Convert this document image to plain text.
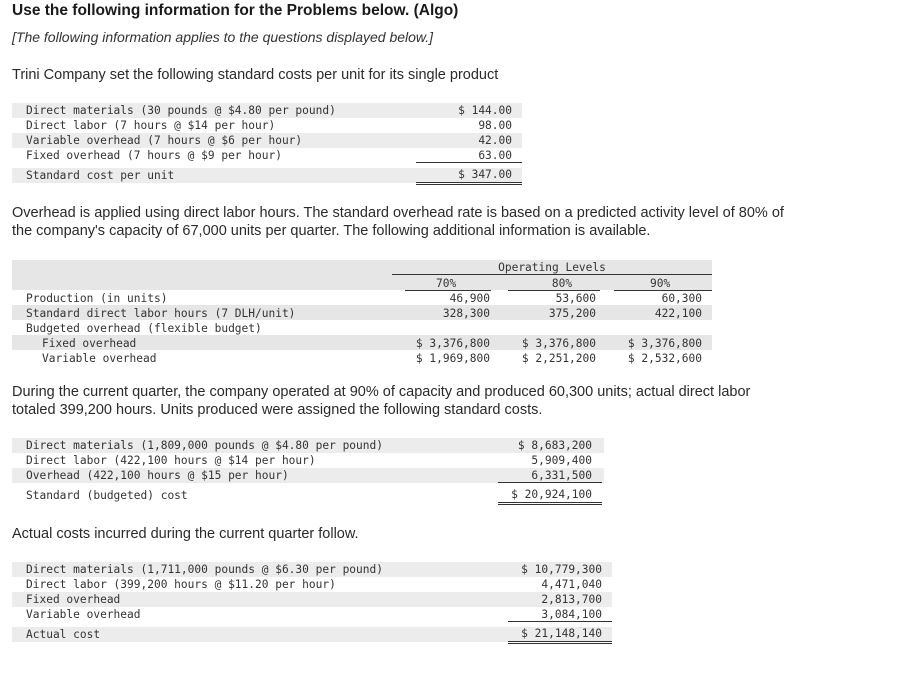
Use the following information for the Problems below. (Algo)
[The following information applies to the questions displayed below.]
Trini Company set the following standard costs per unit for its single product
Direct materials (30 pounds @ $4.80 per pound)	$ 144.00
Direct labor (7 hours @ $14 per hour)	98.00
Variable overhead (7 hours @ $6 per hour)	42.00
Fixed overhead (7 hours @ $9 per hour)	63.00
Standard cost per unit	$ 347.00
Overhead is applied using direct labor hours. The standard overhead rate is based on a predicted activity level of 80% of
the company's capacity of 67,000 units per quarter. The following additional information is available.
Operating Levels
70%	80%	90%
Production (in units)	46,900	53,600	60,300
Standard direct labor hours (7 DLH/unit)	328,300	375,200	422,100
Budgeted overhead (flexible budget)
Fixed overhead	$ 3,376,800	$ 3,376,800	$ 3,376,800
Variable overhead	$ 1,969,800	$ 2,251,200	$ 2,532,600
During the current quarter, the company operated at 90% of capacity and produced 60,300 units; actual direct labor
totaled 399,200 hours. Units produced were assigned the following standard costs.
Direct materials (1,809,000 pounds @ $4.80 per pound)	$ 8,683,200
Direct labor (422,100 hours @ $14 per hour)	5,909,400
Overhead (422,100 hours @ $15 per hour)	6,331,500
Standard (budgeted) cost	$ 20,924,100
Actual costs incurred during the current quarter follow.
Direct materials (1,711,000 pounds @ $6.30 per pound)	$ 10,779,300
Direct labor (399,200 hours @ $11.20 per hour)	4,471,040
Fixed overhead	2,813,700
Variable overhead	3,084,100
Actual cost	$ 21,148,140
